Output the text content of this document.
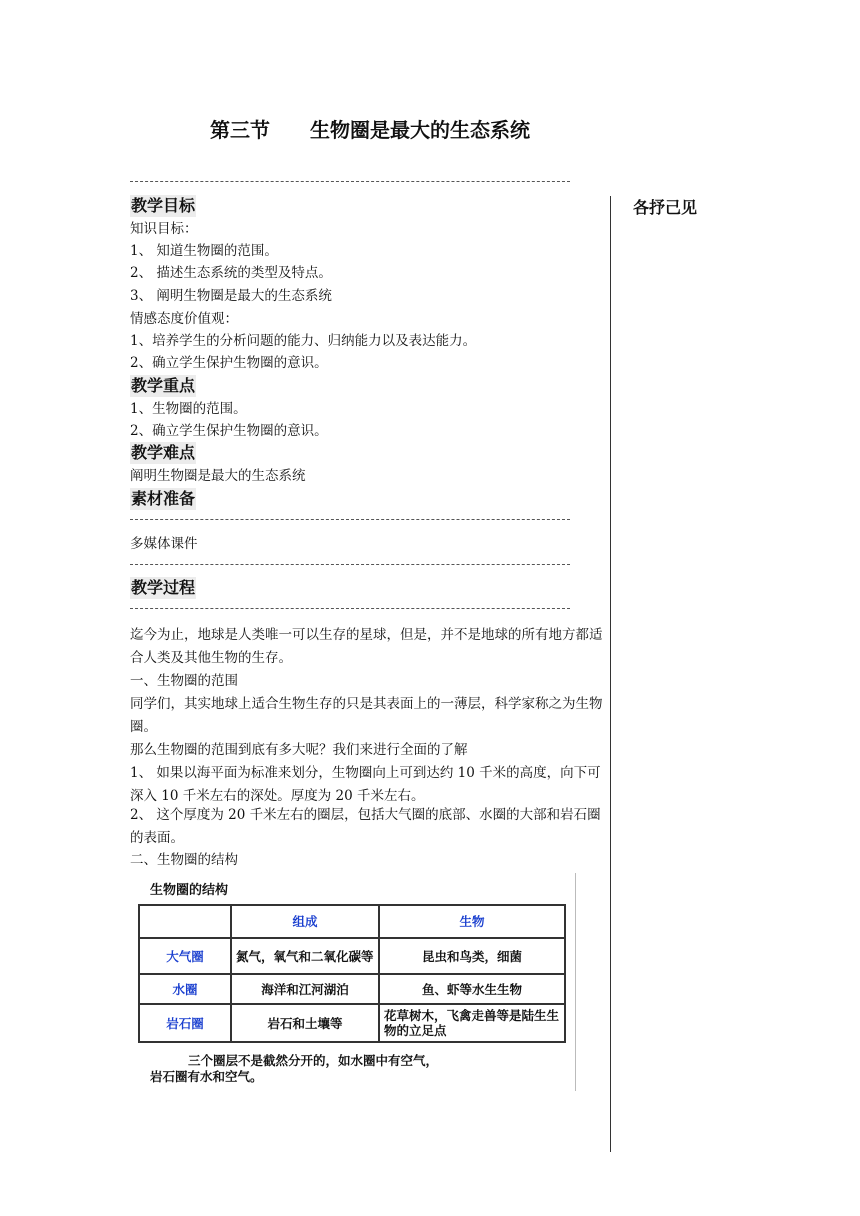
第三节　　生物圈是最大的生态系统
各抒己见
教学目标
知识目标：
1、 知道生物圈的范围。
2、 描述生态系统的类型及特点。
3、 阐明生物圈是最大的生态系统
情感态度价值观：
1、培养学生的分析问题的能力、归纳能力以及表达能力。
2、确立学生保护生物圈的意识。
教学重点
1、生物圈的范围。
2、确立学生保护生物圈的意识。
教学难点
阐明生物圈是最大的生态系统
素材准备
多媒体课件
教学过程
迄今为止，地球是人类唯一可以生存的星球，但是，并不是地球的所有地方都适合人类及其他生物的生存。
一、生物圈的范围
同学们，其实地球上适合生物生存的只是其表面上的一薄层，科学家称之为生物圈。
那么生物圈的范围到底有多大呢？我们来进行全面的了解
1、 如果以海平面为标准来划分，生物圈向上可到达约 10 千米的高度，向下可深入 10 千米左右的深处。厚度为 20 千米左右。
2、 这个厚度为 20 千米左右的圈层，包括大气圈的底部、水圈的大部和岩石圈的表面。
二、生物圈的结构
生物圈的结构
	组成	生物
大气圈	氮气，氧气和二氧化碳等	昆虫和鸟类，细菌
水圈	海洋和江河湖泊	鱼、虾等水生生物
岩石圈	岩石和土壤等	花草树木，飞禽走兽等是陆生生物的立足点
三个圈层不是截然分开的，如水圈中有空气，
岩石圈有水和空气。
